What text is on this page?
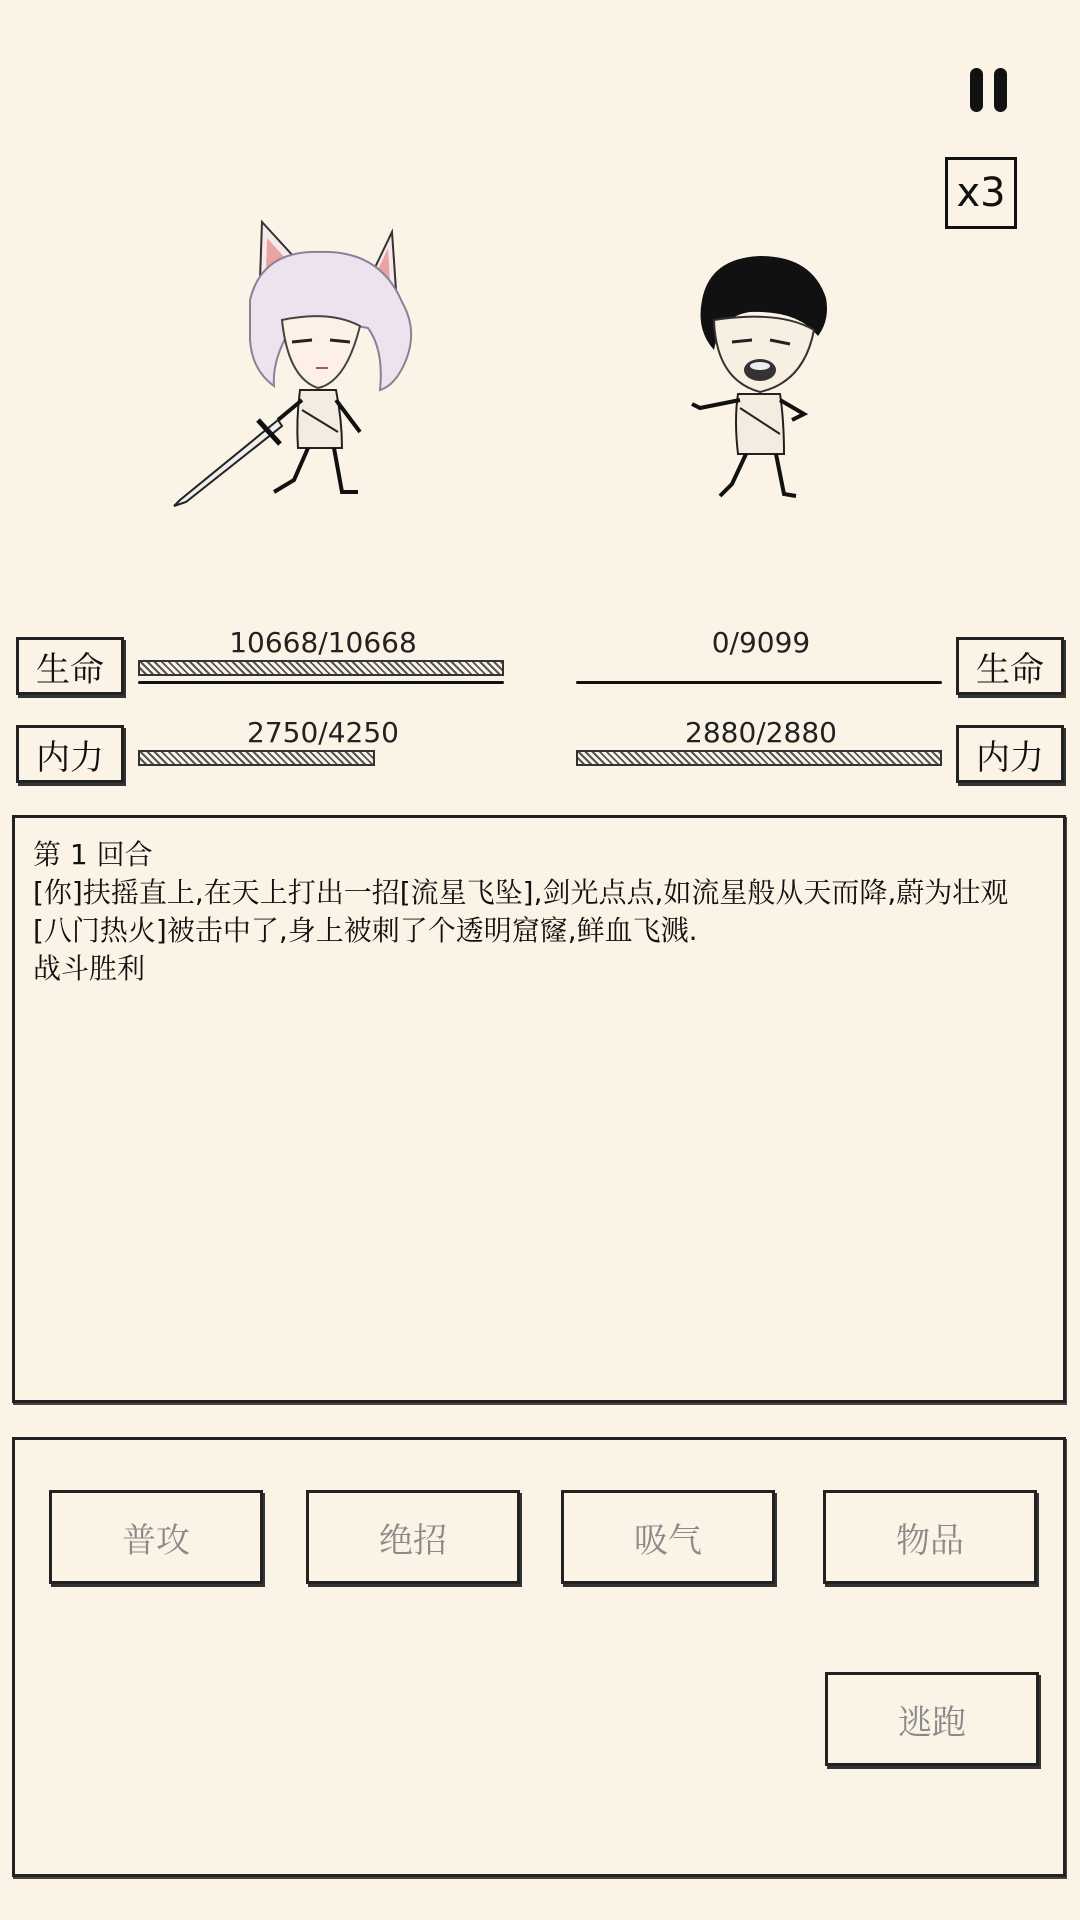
x3
生命
10668/10668
内力
2750/4250
生命
0/9099
内力
2880/2880
第 1 回合
[你]扶摇直上,在天上打出一招[流星飞坠],剑光点点,如流星般从天而降,蔚为壮观
[八门热火]被击中了,身上被刺了个透明窟窿,鲜血飞溅.
战斗胜利
普攻	绝招	吸气	物品
逃跑
